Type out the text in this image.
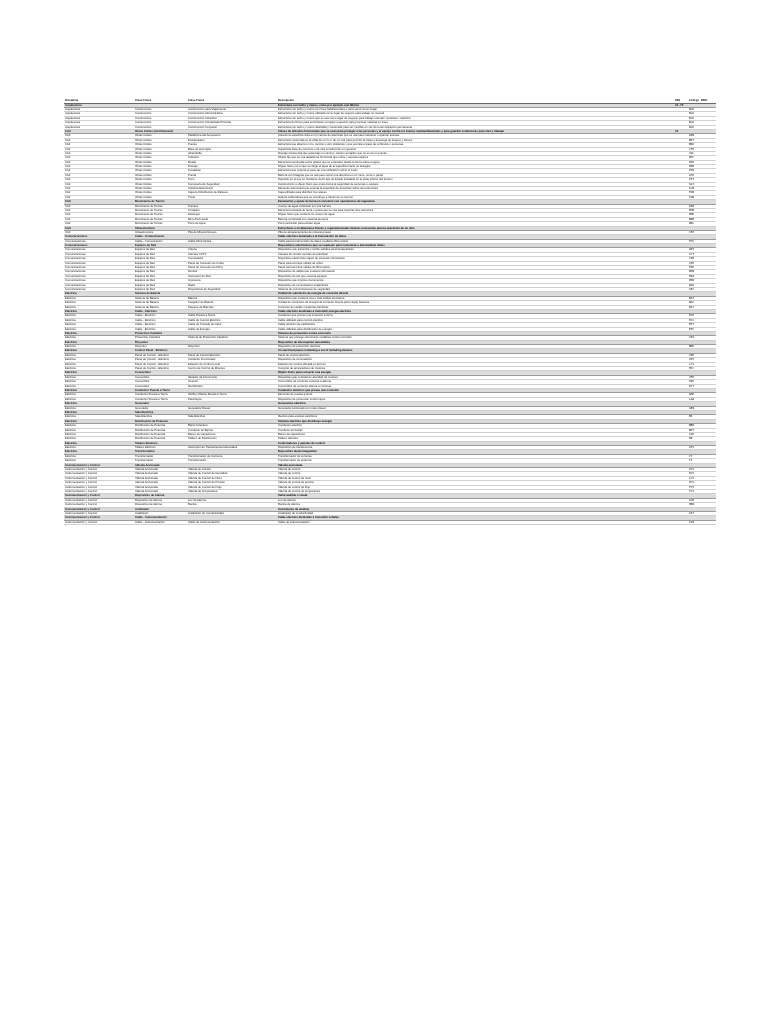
Disciplina	Clase Física	Clase Física	Descripción	SEQ	Código IBRL
Arquitectura			Estructura con techo y muros, como por ejemplo una fábrica	21.76	
Arquitectura	Construcción	Construcción para Viajamiento	Estructura con techo y muros con fines habitacionales o para servir como hogar		BLD
Arquitectura	Construcción	Construcción Administrativa	Estructura con techo y muros utilizada como lugar de negocio para trabajo no manual		BLD
Arquitectura	Construcción	Construcción Industrial	Estructura con techo y muros que se usa como lugar de negocio para trabajo manual / mecánico / eléctrico		BLD
Arquitectura	Construcción	Construcción Climatizada Primaria	Estructura de fluxes para suministrar el equipo requerido para procesar material en línea		BLD
Arquitectura	Construcción	Construcción Temporal	Estructura con techo y muros diseñada y construida para ser movible en vez de tener ubicación permanente		BLD
Civil	Obras Civiles (Civil Element)		Clases de artículos funcionales que se usan para proteger a las personas y el equipo contra los fuertes medioambientales y para guardar condiciones para civil y trabajar	22	
Civil	Obras Civiles	Plataforma del Aeropuerto	Área de la superficie dura en un campo de aterrizaje que se usa para mantener o aparcar aviones		APN
Civil	Obras Civiles	Embarcadero	Estructura construida en la orilla de un río o de un mar para permitir la carga y descarga de buques y barcos		BRT
Civil	Obras Civiles	Puente	Estructura que abarca un río, camino u otro obstáculo y que permite el paso de vehículos o personas		BRD
Civil	Obras Civiles	Base de Hormigón	Superficial base de concreto o de otra construcción en general		CFD
Civil	Obras Civiles	Alcantarilla	Drenaje transversal que pasa bajo un camino, canal o terraplén que no es de un puente		CUL
Civil	Obras Civiles	Cubierta	Objeto fijo que es una plataforma horizontal que cubre y soporta equipos		DKC
Civil	Obras Civiles	Muelle	Estructura construida sobre pilotes que se extienden desde la tierra sobre el agua		DOK
Civil	Obras Civiles	Drenaje	Objeto físico por el que se dirige el agua de la superficie hacia un desagüe		DRN
Civil	Obras Civiles	Fundación	Estructura que soporta el peso de una edificación sobre el suelo		FDN
Civil	Obras Civiles	Puerta	Barrera con bisagras que se usa para cerrar una abertura en un muro, cerco o pared		GTE
Civil	Obras Civiles	Pozo	Depósito en el que se mantiene cierto tipo de líquido instalado en la parte inferior del terreno		PIT
Civil	Obras Civiles	Compuerta de Seguridad	Construcción u objeto físico que proporciona la seguridad de personas o equipos		SGT
Civil	Obras Civiles	Cubierta Estructural	Elemento estructural que soporta la superficie de desechos sobre una estructura		SLB
Civil	Obras Civiles	Caja de Distribución de Relaves	Caja utilizada para distribuir los relaves		TDB
Civil	Obras Civiles	Túnel	Galería subterránea que se construye a través de un terreno		TUN
Civil	Movimiento de Tierras		Excavación y ajuste de tierra en conexión con operaciones de ingeniería		
Civil	Movimiento de Tierras	Tranque	Cuerpo de agua confinado por una barrera		DAM
Civil	Movimiento de Tierras	Terraplén	Estructura elevada de tierra o grava que se usa para soportar otra estructura		EMB
Civil	Movimiento de Tierras	Estanque	Objeto físico que contiene un cuerpo de agua		PND
Civil	Movimiento de Tierras	Muro Perimetral	Barrera construida con material de tierra		BRM
Civil	Movimiento de Tierras	Pozo de Agua	Pozo perforado para extraer agua		WEL
Civil	Infraestructura		Estructuras e instalaciones físicas y organizacionales básicas necesarias para la operación de un sitio		
Civil	Infraestructura	Pila de Mineral Grueso	Pila de almacenamiento de mineral grueso		STP
Comunicaciones	Cable - Comunicación		Cable eléctrico destinado a la transmisión de datos		
Comunicaciones	Cable - Comunicación	Cable Fibra Óptica	Cable para la transmisión de datos mediante fibra óptica		FOC
Comunicaciones	Equipos de Red		Dispositivos electrónicos que se requieren para comunicar e intercambiar datos		
Comunicaciones	Equipos de Red	Antena	Dispositivo que transmite y recibe señales electromagnéticas		ANT
Comunicaciones	Equipos de Red	Cámara CCTV	Cámara de circuito cerrado de televisión		CCT
Comunicaciones	Equipos de Red	Computador	Dispositivo electrónico capaz de procesar información		COM
Comunicaciones	Equipos de Red	Panel de Conexión de Cobre	Panel para terminar cables de cobre		CPP
Comunicaciones	Equipos de Red	Panel de Conexión de Fibra	Panel para terminar cables de fibra óptica		FPP
Comunicaciones	Equipos de Red	Monitor	Dispositivo de salida que muestra información		MON
Comunicaciones	Equipos de Red	Interruptor de Red	Dispositivo de red que conecta equipos		NSW
Comunicaciones	Equipos de Red	Impresora	Dispositivo que imprime documentos		PRN
Comunicaciones	Equipos de Red	Radio	Dispositivo de comunicación inalámbrica		RAD
Comunicaciones	Equipos de Red	Dispositivos de Seguridad	Sistema de comunicaciones de seguridad		SEC
Eléctrica	Sistema de Batería		Unidad de suministro de energía de corriente directa		
Eléctrica	Sistema de Batería	Batería	Dispositivo que contiene una o más celdas de batería		BAT
Eléctrica	Sistema de Batería	Cargador de Batería	Unidad de suministro de energía de corriente directa para cargar baterías		BAC
Eléctrica	Sistema de Batería	Paquete de Baterías	Conexión de celdas o baterías eléctricas		BAT
Eléctrica	Cable - Eléctrico		Cable eléctrico destinado a transmitir energía eléctrica		
Eléctrica	Cable - Eléctrico	Cable Puesta a Tierra	Conductor que provee una conexión a tierra		ECE
Eléctrica	Cable - Eléctrico	Cable de Control Eléctrico	Cable utilizado para control eléctrico		ECC
Eléctrica	Cable - Eléctrico	Cable de Trazado de Calor	Cable eléctrico de calefacción		EHT
Eléctrica	Cable - Eléctrico	Cable de Energía	Cable utilizado para distribución de energía		EPC
Eléctrica	Protección Catódica		Sistema de protección contra corrosión		
Eléctrica	Protección Catódica	Sistema de Protección Catódica	Sistema que protege estructuras metálicas contra corrosión		CPS
Eléctrica	Disyuntor		Dispositivo de interrupción automática		
Eléctrica	Disyuntor	Disyuntor	Dispositivo de protección eléctrica		BRK
Eléctrica	Control Panel - Eléctrico		An electrical panel containing a set of including devices		
Eléctrica	Panel de Control - Eléctrico	Panel de Control Eléctrico	Panel de control eléctrico		CPE
Eléctrica	Panel de Control - Eléctrico	Contactor Funcionado	Dispositivo de conmutación		CNT
Eléctrica	Panel de Control - Eléctrico	Estación de Control Local	Estación de control ubicada en terreno		LCS
Eléctrica	Panel de Control - Eléctrico	Centro de Control de Motores	Conjunto de arrancadores de motores		MCC
Eléctrica	Convertidor		Objeto físico para convertir una energía		
Eléctrica	Convertidor	Variador de Frecuencia	Dispositivo que controla la velocidad de motores		VFD
Eléctrica	Convertidor	Inversor	Convertidor de corriente continua a alterna		INV
Eléctrica	Convertidor	Rectificador	Convertidor de corriente alterna a continua		RCT
Eléctrica	Conductor Puesta a Tierra		Conductor eléctrico que provee una conexión		
Eléctrica	Conductor Puesta a Tierra	Varilla y Placas Puesta a Tierra	Elemento de puesta a tierra		GRD
Eléctrica	Conductor Puesta a Tierra	Pararrayos	Dispositivo de protección contra rayos		LAR
Eléctrica	Generador		Generación eléctrica		
Eléctrica	Generador	Generador Diesel	Generador accionado por motor diesel		GEN
Eléctrica	Sala Eléctrica				
Eléctrica	Sala Eléctrica	Sala Eléctrica	Recinto para equipos eléctricos		ER
Eléctrica	Distribución de Potencia		Sistema eléctrico que distribuye energía		
Eléctrica	Distribución de Potencia	Barra Colectora	Conductor eléctrico		BBR
Eléctrica	Distribución de Potencia	Conducto de Barras	Conducto de barras		BDT
Eléctrica	Distribución de Potencia	Banco de Capacitores	Banco de capacitores		CAP
Eléctrica	Distribución de Potencia	Tablero de Distribución	Tablero eléctrico		DB
Eléctrica	Tablero Eléctrico		Controladores y paneles de control		
Eléctrica	Tablero Eléctrico	Interruptor de Transferencia Automática	Dispositivo de transferencia		ATS
Eléctrica	Transformador		Dispositivo electromagnético		
Eléctrica	Transformador	Transformador de Corriente	Transformador de corriente		CT
Eléctrica	Transformador	Transformador	Transformador de potencia		TX
Instrumentación y Control	Válvula Accionada		Válvula accionada		
Instrumentación y Control	Válvula Accionada	Válvula de Control	Válvula de control		VCV
Instrumentación y Control	Válvula Accionada	Válvula de Control de Densidad	Válvula de control		DCV
Instrumentación y Control	Válvula Accionada	Válvula de Control de Nivel	Válvula de control de nivel		LCV
Instrumentación y Control	Válvula Accionada	Válvula de Control de Presión	Válvula de control de presión		PCV
Instrumentación y Control	Válvula Accionada	Válvula de Control de Flujo	Válvula de control de flujo		FCV
Instrumentación y Control	Válvula Accionada	Válvula de Temperatura	Válvula de control de temperatura		TCV
Instrumentación y Control	Dispositivo de Alarma		Señal audible o visual		
Instrumentación y Control	Dispositivo de Alarma	Luz de Alarma	Luz de alarma		ALM
Instrumentación y Control	Dispositivo de Alarma	Bocina	Bocina de alarma		HRN
Instrumentación y Control	Analizador		Instrumento de análisis		
Instrumentación y Control	Analizador	Analizador de Conductividad	Analizador de conductividad		AIT
Instrumentación y Control	Cable - Instrumentación		Cable eléctrico destinado a transmitir señales		
Instrumentación y Control	Cable - Instrumentación	Cable de Instrumentación	Cable de instrumentación		ICB
